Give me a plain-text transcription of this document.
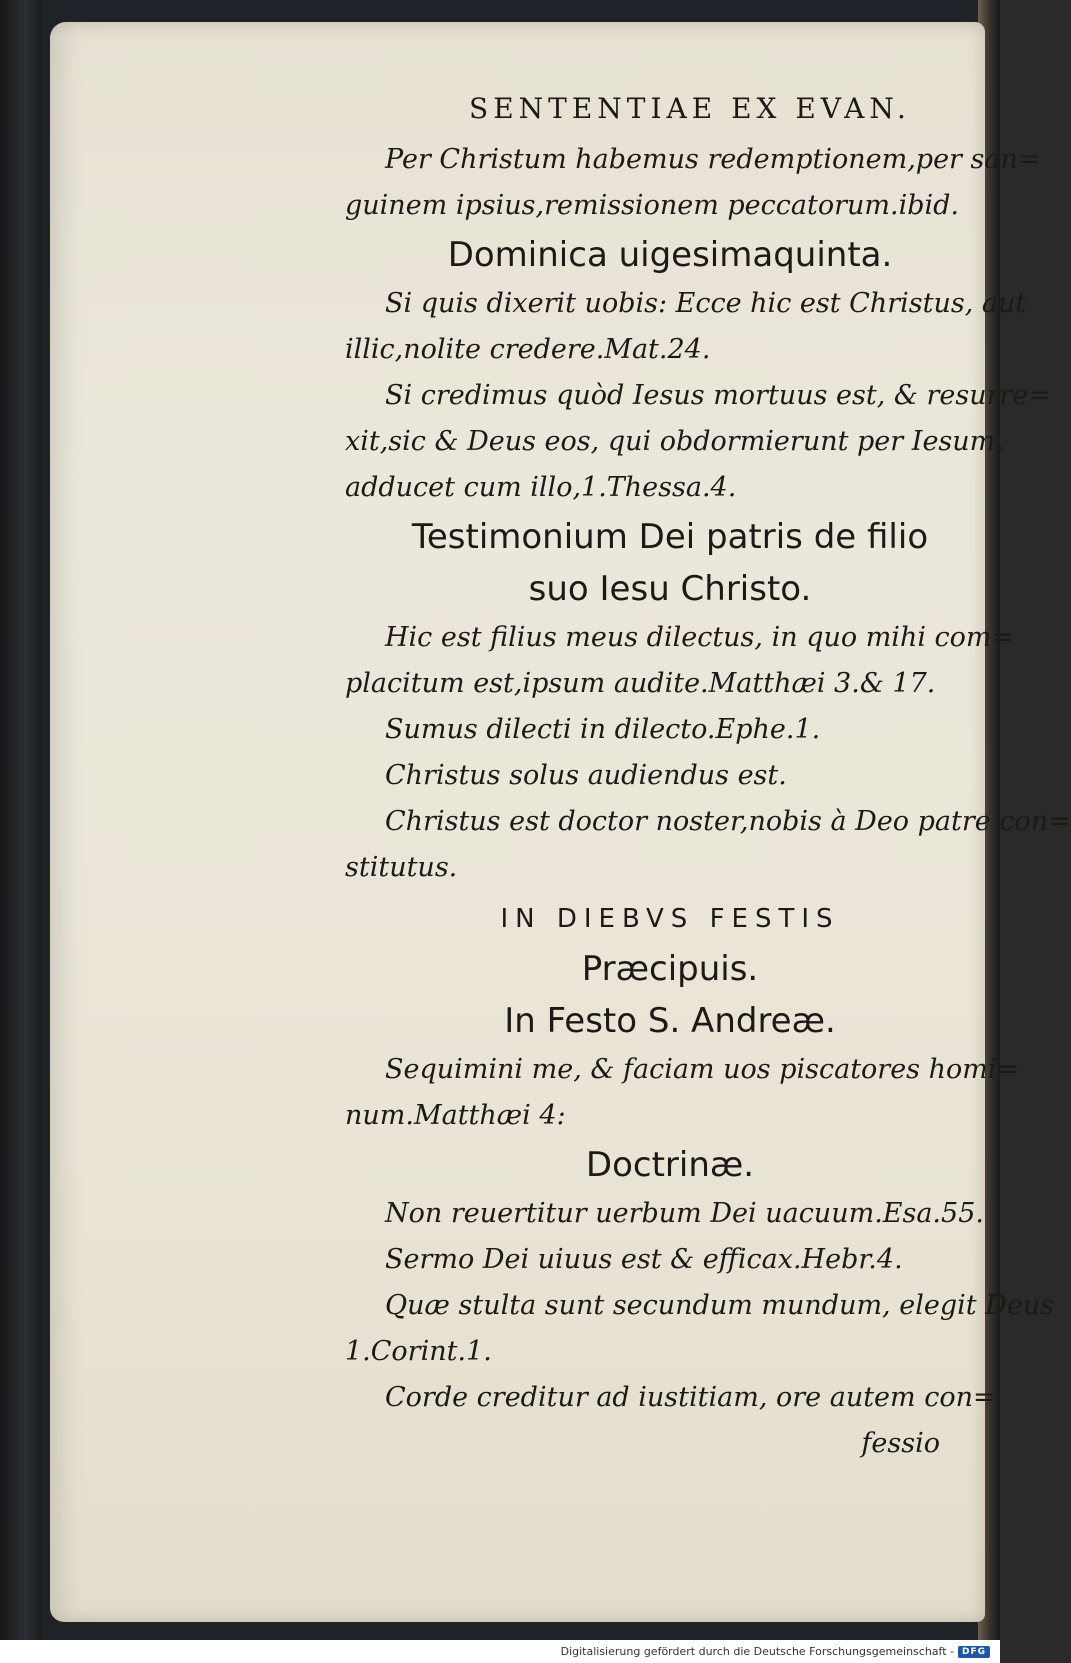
SENTENTIAE EX EVAN.
Per Christum habemus redemptionem,per san=
guinem ipsius,remissionem peccatorum.ibid.
Dominica uigesimaquinta.
Si quis dixerit uobis: Ecce hic est Christus, aut
illic,nolite credere.Mat.24.
Si credimus quòd Iesus mortuus est, & resurre=
xit,sic & Deus eos, qui obdormierunt per Iesum,
adducet cum illo,1.Thessa.4.
Testimonium Dei patris de filio
suo Iesu Christo.
Hic est filius meus dilectus, in quo mihi com=
placitum est,ipsum audite.Matthæi 3.& 17.
Sumus dilecti in dilecto.Ephe.1.
Christus solus audiendus est.
Christus est doctor noster,nobis à Deo patre con=
stitutus.
IN DIEBVS FESTIS
Præcipuis.
In Festo S. Andreæ.
Sequimini me, & faciam uos piscatores homi=
num.Matthæi 4:
Doctrinæ.
Non reuertitur uerbum Dei uacuum.Esa.55.
Sermo Dei uiuus est & efficax.Hebr.4.
Quæ stulta sunt secundum mundum, elegit Deus
1.Corint.1.
Corde creditur ad iustitiam, ore autem con=
fessio
Digitalisierung gefördert durch die Deutsche Forschungsgemeinschaft - DFG
